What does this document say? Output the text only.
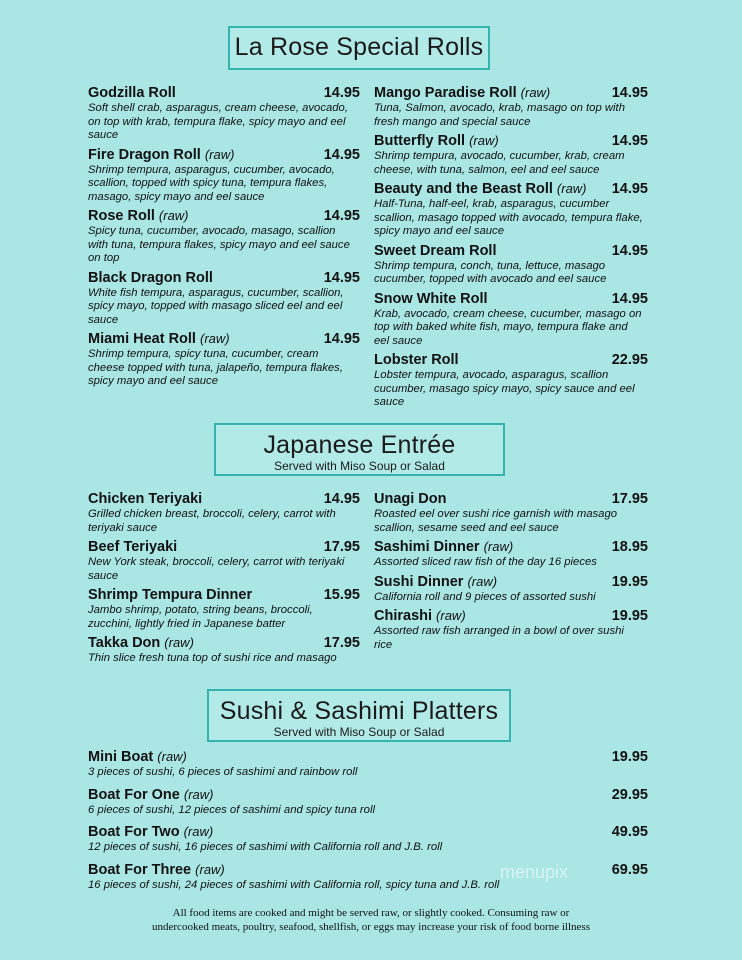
La Rose Special Rolls
Godzilla Roll	14.95
Soft shell crab, asparagus, cream cheese, avocado, on top with krab, tempura flake, spicy mayo and eel sauce
Fire Dragon Roll (raw)	14.95
Shrimp tempura, asparagus, cucumber, avocado, scallion, topped with spicy tuna, tempura flakes, masago, spicy mayo and eel sauce
Rose Roll (raw)	14.95
Spicy tuna, cucumber, avocado, masago, scallion with tuna, tempura flakes, spicy mayo and eel sauce on top
Black Dragon Roll	14.95
White fish tempura, asparagus, cucumber, scallion, spicy mayo, topped with masago sliced eel and eel sauce
Miami Heat Roll (raw)	14.95
Shrimp tempura, spicy tuna, cucumber, cream cheese topped with tuna, jalapeño, tempura flakes, spicy mayo and eel sauce
Mango Paradise Roll (raw)	14.95
Tuna, Salmon, avocado, krab, masago on top with fresh mango and special sauce
Butterfly Roll (raw)	14.95
Shrimp tempura, avocado, cucumber, krab, cream cheese, with tuna, salmon, eel and eel sauce
Beauty and the Beast Roll (raw) 14.95
Half-Tuna, half-eel, krab, asparagus, cucumber scallion, masago topped with avocado, tempura flake, spicy mayo and eel sauce
Sweet Dream Roll	14.95
Shrimp tempura, conch, tuna, lettuce, masago cucumber, topped with avocado and eel sauce
Snow White Roll	14.95
Krab, avocado, cream cheese, cucumber, masago on top with baked white fish, mayo, tempura flake and eel sauce
Lobster Roll	22.95
Lobster tempura, avocado, asparagus, scallion cucumber, masago spicy mayo, spicy sauce and eel sauce
Japanese Entrée
Served with Miso Soup or Salad
Chicken Teriyaki	14.95
Grilled chicken breast, broccoli, celery, carrot with teriyaki sauce
Beef Teriyaki	17.95
New York steak, broccoli, celery, carrot with teriyaki sauce
Shrimp Tempura Dinner	15.95
Jambo shrimp, potato, string beans, broccoli, zucchini, lightly fried in Japanese batter
Takka Don (raw)	17.95
Thin slice fresh tuna top of sushi rice and masago
Unagi Don	17.95
Roasted eel over sushi rice garnish with masago scallion, sesame seed and eel sauce
Sashimi Dinner (raw)	18.95
Assorted sliced raw fish of the day 16 pieces
Sushi Dinner (raw)	19.95
California roll and 9 pieces of assorted sushi
Chirashi (raw)	19.95
Assorted raw fish arranged in a bowl of over sushi rice
Sushi & Sashimi Platters
Served with Miso Soup or Salad
Mini Boat (raw)	19.95
3 pieces of sushi, 6 pieces of sashimi and rainbow roll
Boat For One (raw)	29.95
6 pieces of sushi, 12 pieces of sashimi and spicy tuna roll
Boat For Two (raw)	49.95
12 pieces of sushi, 16 pieces of sashimi with California roll and J.B. roll
Boat For Three (raw)	69.95
16 pieces of sushi, 24 pieces of sashimi with California roll, spicy tuna and J.B. roll
menupix
All food items are cooked and might be served raw, or slightly cooked. Consuming raw or
undercooked meats, poultry, seafood, shellfish, or eggs may increase your risk of food borne illness
